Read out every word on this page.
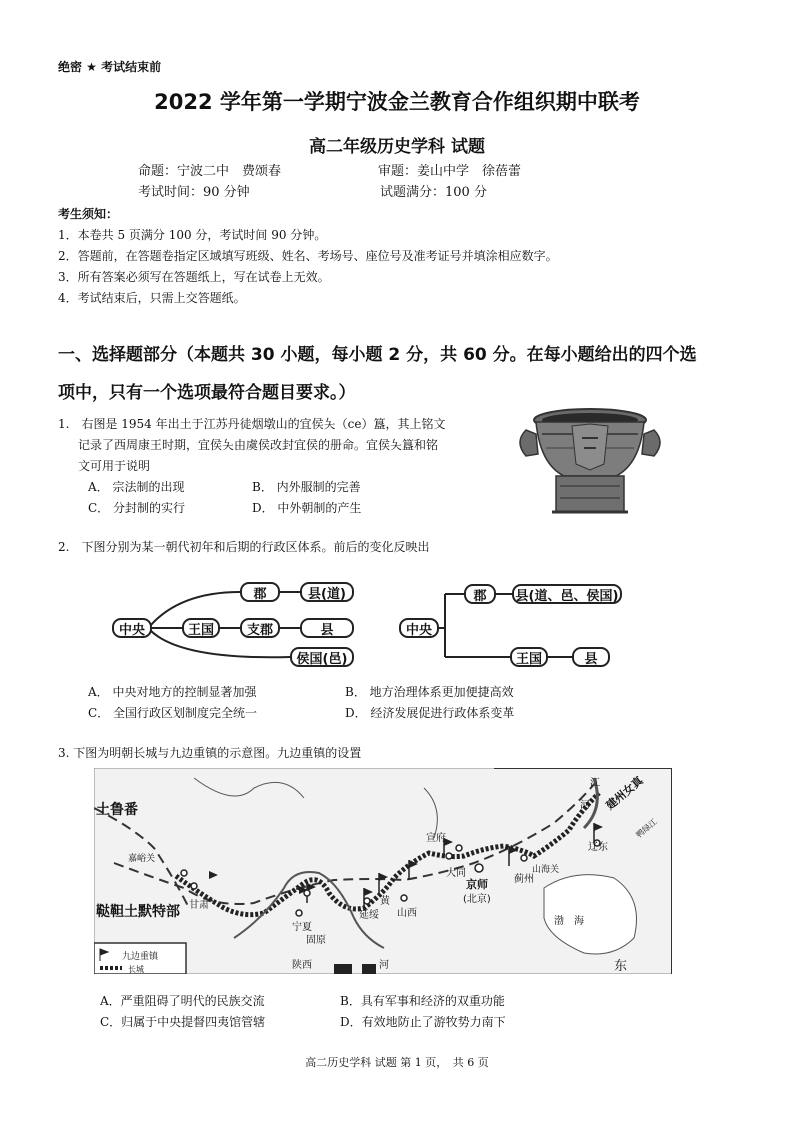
绝密 ★ 考试结束前
2022 学年第一学期宁波金兰教育合作组织期中联考
高二年级历史学科 试题
命题：宁波二中　费颂春	审题：姜山中学　徐蓓蕾
考试时间：90 分钟	试题满分：100 分
考生须知：
1．本卷共 5 页满分 100 分，考试时间 90 分钟。
2．答题前，在答题卷指定区域填写班级、姓名、考场号、座位号及准考证号并填涂相应数字。
3．所有答案必须写在答题纸上，写在试卷上无效。
4．考试结束后，只需上交答题纸。
一、选择题部分（本题共 30 小题，每小题 2 分，共 60 分。在每小题给出的四个选
项中，只有一个选项最符合题目要求。）
1.　右图是 1954 年出土于江苏丹徒烟墩山的宜侯夨（ce）簋，其上铭文
记录了西周康王时期，宜侯夨由虞侯改封宜侯的册命。宜侯夨簋和铭
文可用于说明
A． 宗法制的出现	B． 内外服制的完善
C． 分封制的实行	D． 中外朝制的产生
2.　下图分别为某一朝代初年和后期的行政区体系。前后的变化反映出
中央
郡	县(道)
王国	支郡	县
侯国(邑)
中央
郡	县(道、邑、侯国)
王国	县
A． 中央对地方的控制显著加强	B． 地方治理体系更加便捷高效
C． 全国行政区划制度完全统一	D． 经济发展促进行政体系变革
3. 下图为明朝长城与九边重镇的示意图。九边重镇的设置
土鲁番
嘉峪关
甘肃
鞑靼土默特部
宁夏
固原
陕西
延绥 山西
黄
河
大同
宣府
京师
(北京)
蓟州
山海关
辽东
渤　海
建州女真
鸭绿江
江
河
东
九边重镇
长城
A．严重阻碍了明代的民族交流	B．具有军事和经济的双重功能
C．归属于中央提督四夷馆管辖	D．有效地防止了游牧势力南下
高二历史学科 试题 第 1 页，　共 6 页
